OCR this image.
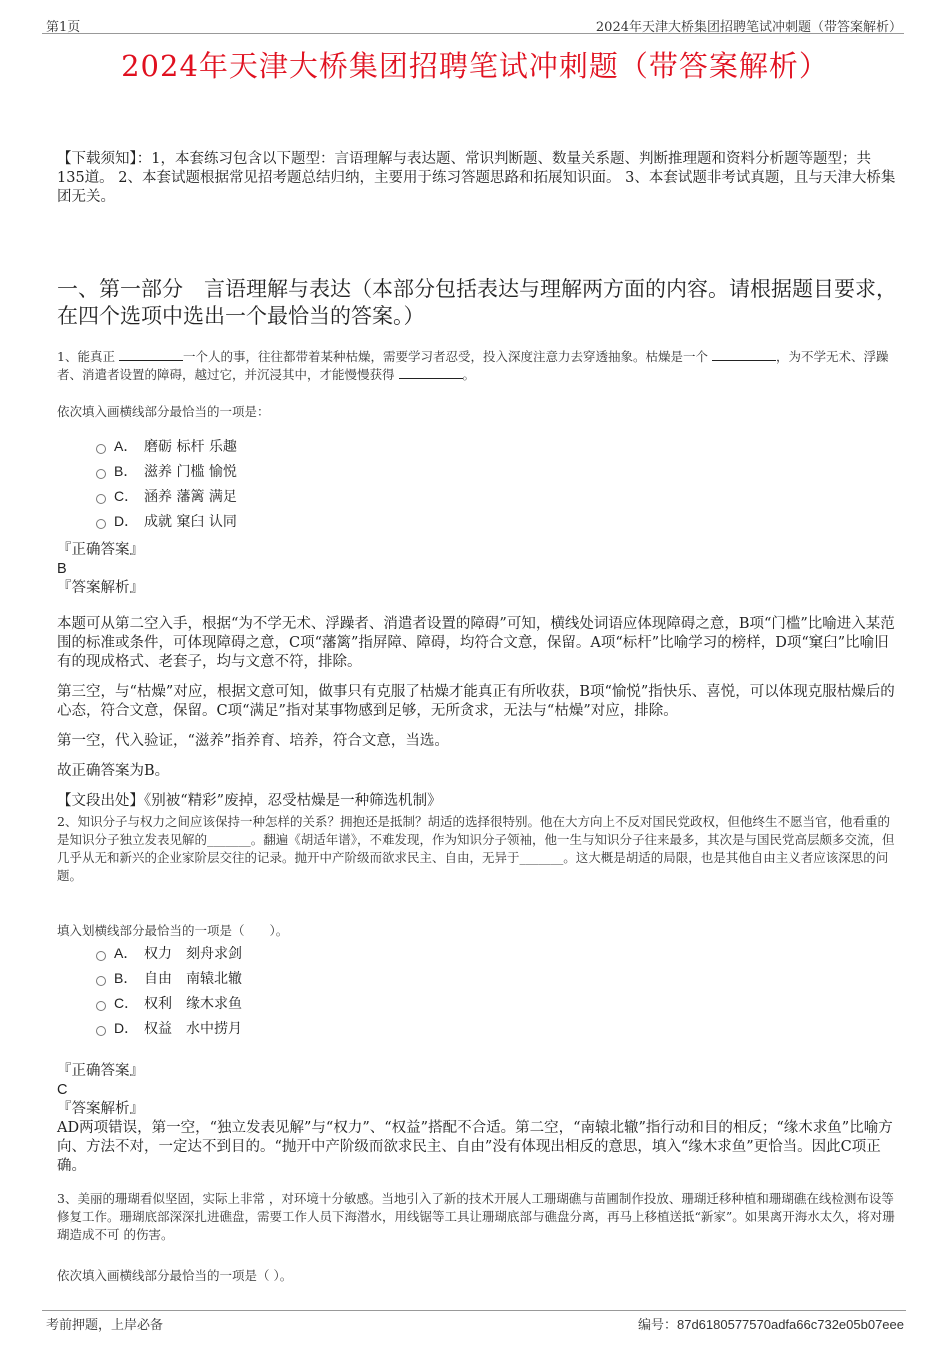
第1页	2024年天津大桥集团招聘笔试冲刺题（带答案解析）
2024年天津大桥集团招聘笔试冲刺题（带答案解析）
【下载须知】：1，本套练习包含以下题型：言语理解与表达题、常识判断题、数量关系题、判断推理题和资料分析题等题型；共135道。 2、本套试题根据常见招考题总结归纳，主要用于练习答题思路和拓展知识面。 3、本套试题非考试真题，且与天津大桥集团无关。
一、第一部分　言语理解与表达（本部分包括表达与理解两方面的内容。请根据题目要求，在四个选项中选出一个最恰当的答案。）
1、能真正	一个人的事，往往都带着某种枯燥，需要学习者忍受，投入深度注意力去穿透抽象。枯燥是一个	，为不学无术、浮躁者、消遣者设置的障碍，越过它，并沉浸其中，才能慢慢获得	。
依次填入画横线部分最恰当的一项是：
A． 磨砺 标杆 乐趣
B． 滋养 门槛 愉悦
C． 涵养 藩篱 满足
D． 成就 窠臼 认同

『正确答案』

B

『答案解析』

本题可从第二空入手，根据“为不学无术、浮躁者、消遣者设置的障碍”可知，横线处词语应体现障碍之意，B项“门槛”比喻进入某范围的标准或条件，可体现障碍之意，C项“藩篱”指屏障、障碍，均符合文意，保留。A项“标杆”比喻学习的榜样，D项“窠臼”比喻旧有的现成格式、老套子，均与文意不符，排除。

第三空，与“枯燥”对应，根据文意可知，做事只有克服了枯燥才能真正有所收获，B项“愉悦”指快乐、喜悦，可以体现克服枯燥后的心态，符合文意，保留。C项“满足”指对某事物感到足够，无所贪求，无法与“枯燥”对应，排除。

第一空，代入验证，“滋养”指养育、培养，符合文意，当选。

故正确答案为B。

【文段出处】《别被“精彩”废掉，忍受枯燥是一种筛选机制》

2、知识分子与权力之间应该保持一种怎样的关系？拥抱还是抵制？胡适的选择很特别。他在大方向上不反对国民党政权，但他终生不愿当官，他看重的是知识分子独立发表见解的_______。翻遍《胡适年谱》，不难发现，作为知识分子领袖，他一生与知识分子往来最多，其次是与国民党高层颇多交流，但几乎从无和新兴的企业家阶层交往的记录。抛开中产阶级而欲求民主、自由，无异于_______。这大概是胡适的局限，也是其他自由主义者应该深思的问题。
填入划横线部分最恰当的一项是（　　）。
A． 权力　刻舟求剑
B． 自由　南辕北辙
C． 权利　缘木求鱼
D． 权益　水中捞月

『正确答案』

C

『答案解析』

AD两项错误，第一空，“独立发表见解”与“权力”、“权益”搭配不合适。第二空，“南辕北辙”指行动和目的相反；“缘木求鱼”比喻方向、方法不对，一定达不到目的。“抛开中产阶级而欲求民主、自由”没有体现出相反的意思，填入“缘木求鱼”更恰当。因此C项正确。

3、美丽的珊瑚看似坚固，实际上非常 ，对环境十分敏感。当地引入了新的技术开展人工珊瑚礁与苗圃制作投放、珊瑚迁移种植和珊瑚礁在线检测布设等修复工作。珊瑚底部深深扎进礁盘，需要工作人员下海潜水，用线锯等工具让珊瑚底部与礁盘分离，再马上移植送抵“新家”。如果离开海水太久，将对珊瑚造成不可 的伤害。
依次填入画横线部分最恰当的一项是（ ）。
考前押题，上岸必备	编号：87d6180577570adfa66c732e05b07eee
